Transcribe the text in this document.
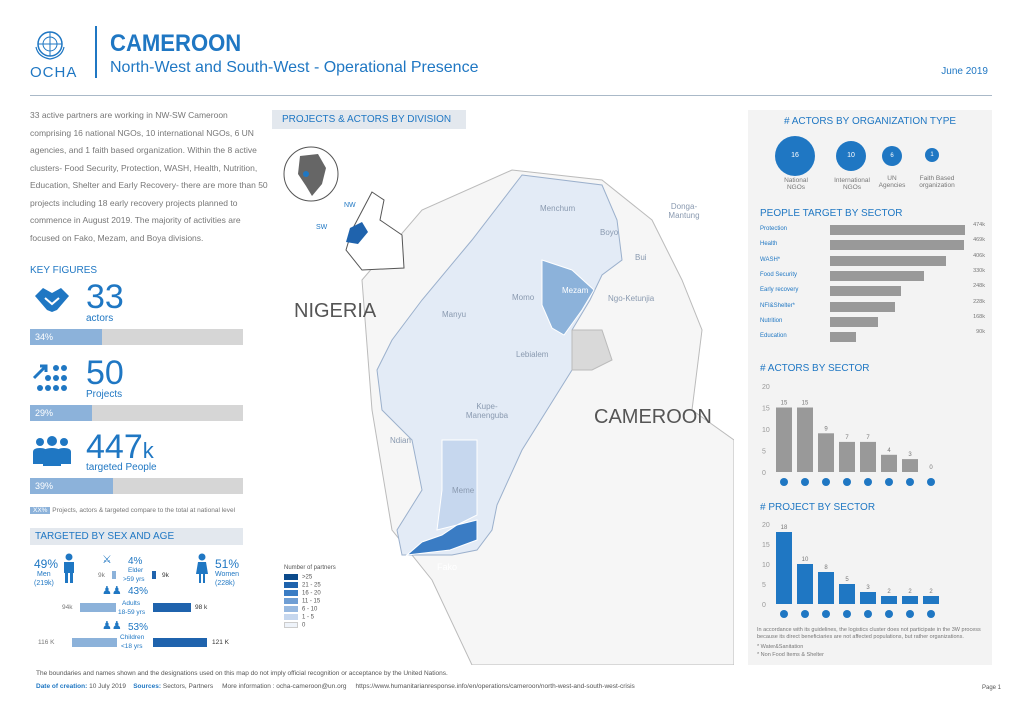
OCHA
CAMEROON
North-West and South-West - Operational Presence	June 2019
33 active partners are working in NW-SW Cameroon comprising 16 national NGOs, 10 international NGOs, 6 UN agencies, and 1 faith based organization. Within the 8 active clusters- Food Security, Protection, WASH, Health, Nutrition, Education, Shelter and Early Recovery- there are more than 50 projects including 18 early recovery projects planned to commence in August 2019. The majority of activities are focused on Fako, Mezam, and Boya divisions.
KEY FIGURES
33
actors
34%
50
Projects
29%
447k
targeted People
39%
XX% Projects, actors & targeted compare to the total at national level
TARGETED BY SEX AND AGE
49%
Men
(219k)
51%
Women
(228k)
⚔ 4%
Elder
>59 yrs
9k	9k
♟♟ 43%
Adults
18-59 yrs
94k	98 k
♟♟ 53%
Children
<18 yrs
116 K	121 K
PROJECTS & ACTORS BY DIVISION
NW
SW
NIGERIA
CAMEROON
Menchum	Donga-Mantung
Boyo
Bui
Momo
Mezam
Ngo-Ketunjia
Manyu
Lebialem
Kupe-Manenguba
Ndian
Meme
Fako
Number of partners
>25
21 - 25
16 - 20
11 - 15
6 - 10
1 - 5
0
# ACTORS BY ORGANIZATION TYPE
16	10	6	1
National NGOs
International NGOs
UN Agencies
Faith Based organization
PEOPLE TARGET BY SECTOR
Protection
474k
Health
469k
WASH*
406k
Food Security
330k
Early recovery
248k
NFI&Shelter*
228k
Nutrition
168k
Education
90k
# ACTORS BY SECTOR
20
15
10
5
0
15 15
9
7	7
4
3
0
# PROJECT BY SECTOR
20
15
10
5
0
18
10
8
5
3
2	2	2
In accordance with its guidelines, the logistics cluster does not participate in the 3W process because its direct beneficiaries are not affected populations, but rather organizations.
* Water&Sanitation
* Non Food Items & Shelter
The boundaries and names shown and the designations used on this map do not imply official recognition or acceptance by the United Nations.
Date of creation: 10 July 2019 Sources: Sectors, Partners More information : ocha-cameroon@un.org https://www.humanitarianresponse.info/en/operations/cameroon/north-west-and-south-west-crisis	Page 1
